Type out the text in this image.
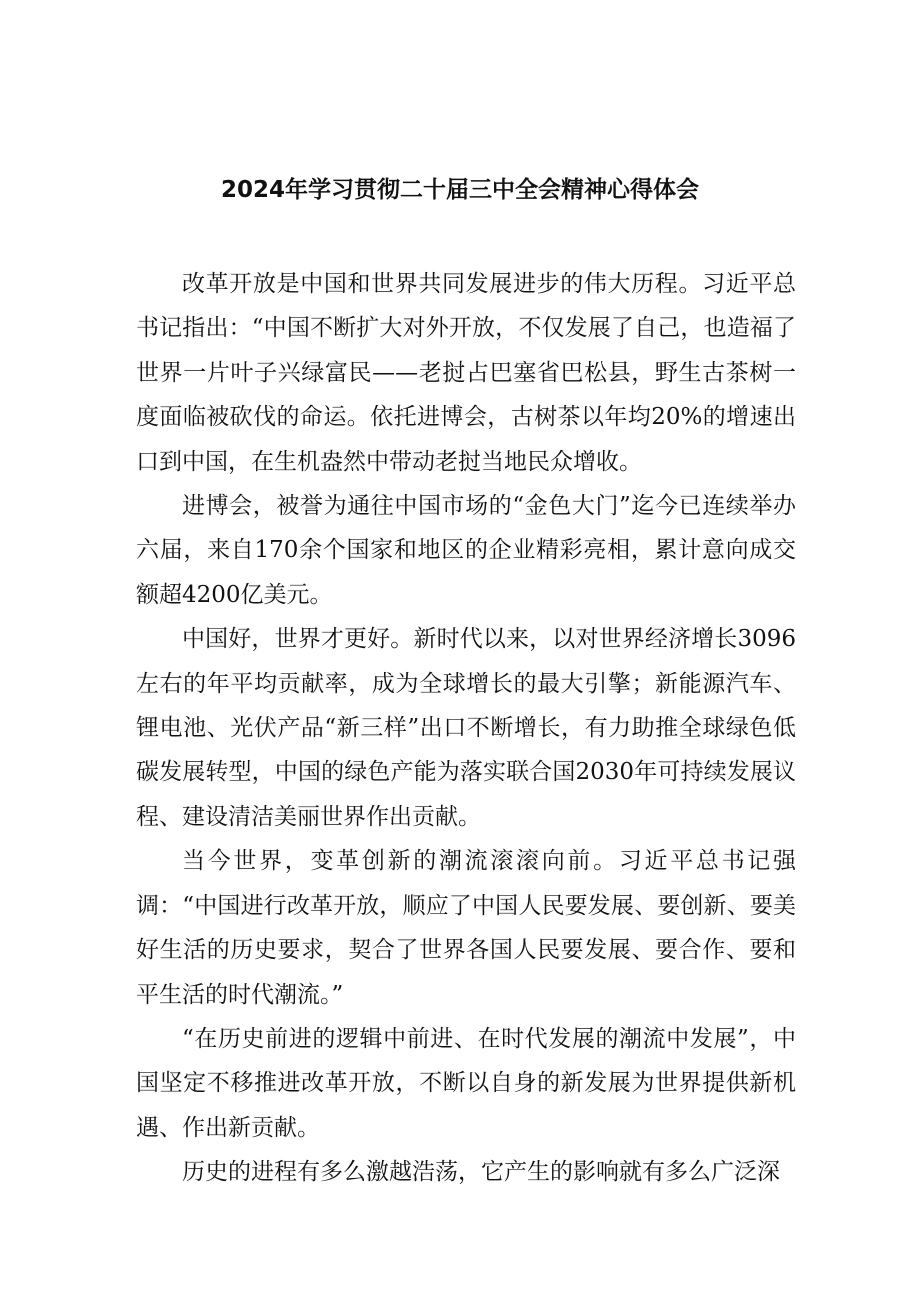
2024年学习贯彻二十届三中全会精神心得体会

改革开放是中国和世界共同发展进步的伟大历程。习近平总书记指出：“中国不断扩大对外开放，不仅发展了自己，也造福了世界一片叶子兴绿富民——老挝占巴塞省巴松县，野生古茶树一度面临被砍伐的命运。依托进博会，古树茶以年均20%的增速出口到中国，在生机盎然中带动老挝当地民众增收。

进博会，被誉为通往中国市场的“金色大门”迄今已连续举办六届，来自170余个国家和地区的企业精彩亮相，累计意向成交额超4200亿美元。

中国好，世界才更好。新时代以来，以对世界经济增长3096左右的年平均贡献率，成为全球增长的最大引擎；新能源汽车、锂电池、光伏产品“新三样”出口不断增长，有力助推全球绿色低碳发展转型，中国的绿色产能为落实联合国2030年可持续发展议程、建设清洁美丽世界作出贡献。

当今世界，变革创新的潮流滚滚向前。习近平总书记强调：“中国进行改革开放，顺应了中国人民要发展、要创新、要美好生活的历史要求，契合了世界各国人民要发展、要合作、要和平生活的时代潮流。”

“在历史前进的逻辑中前进、在时代发展的潮流中发展”，中国坚定不移推进改革开放，不断以自身的新发展为世界提供新机遇、作出新贡献。

历史的进程有多么激越浩荡，它产生的影响就有多么广泛深
